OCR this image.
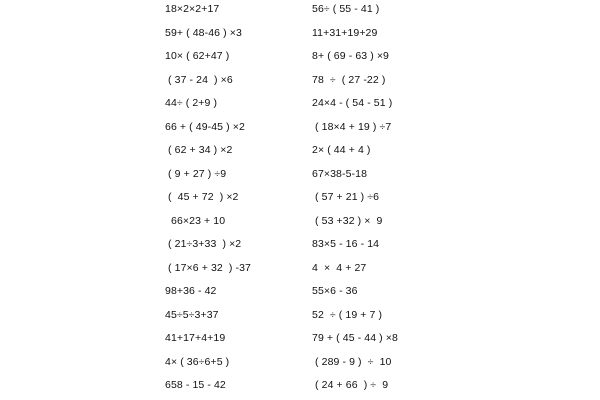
18×2×2+17
59+ ( 48-46 ) ×3
10× ( 62+47 )
( 37 - 24  ) ×6
44÷ ( 2+9 )
66 + ( 49-45 ) ×2
( 62 + 34 ) ×2
( 9 + 27 ) ÷9
(  45 + 72  ) ×2
66×23 + 10
( 21÷3+33  ) ×2
( 17×6 + 32  ) -37
98+36 - 42
45÷5÷3+37
41+17+4+19
4× ( 36÷6+5 )
658 - 15 - 42
56÷ ( 55 - 41 )
11+31+19+29
8+ ( 69 - 63 ) ×9
78  ÷  ( 27 -22 )
24×4 - ( 54 - 51 )
( 18×4 + 19 ) ÷7
2× ( 44 + 4 )
67×38-5-18
( 57 + 21 ) ÷6
( 53 +32 ) ×  9
83×5 - 16 - 14
4  ×  4 + 27
55×6 - 36
52  ÷ ( 19 + 7 )
79 + ( 45 - 44 ) ×8
( 289 - 9 )  ÷  10
( 24 + 66  ) ÷  9
